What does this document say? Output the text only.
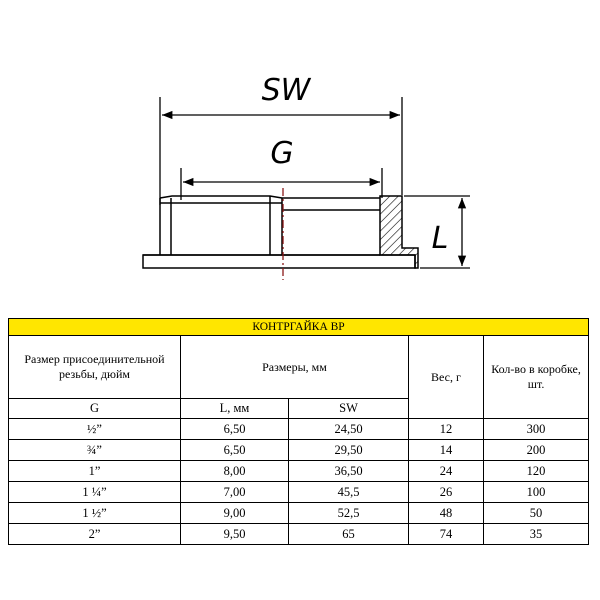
SW
G
L
КОНТРГАЙКА ВР				
Размер присоединительной резьбы, дюйм	Размеры, мм		Вес, г	Кол-во в коробке, шт.
G	L, мм	SW		
½”	6,50	24,50	12	300
¾”	6,50	29,50	14	200
1”	8,00	36,50	24	120
1 ¼”	7,00	45,5	26	100
1 ½”	9,00	52,5	48	50
2”	9,50	65	74	35
